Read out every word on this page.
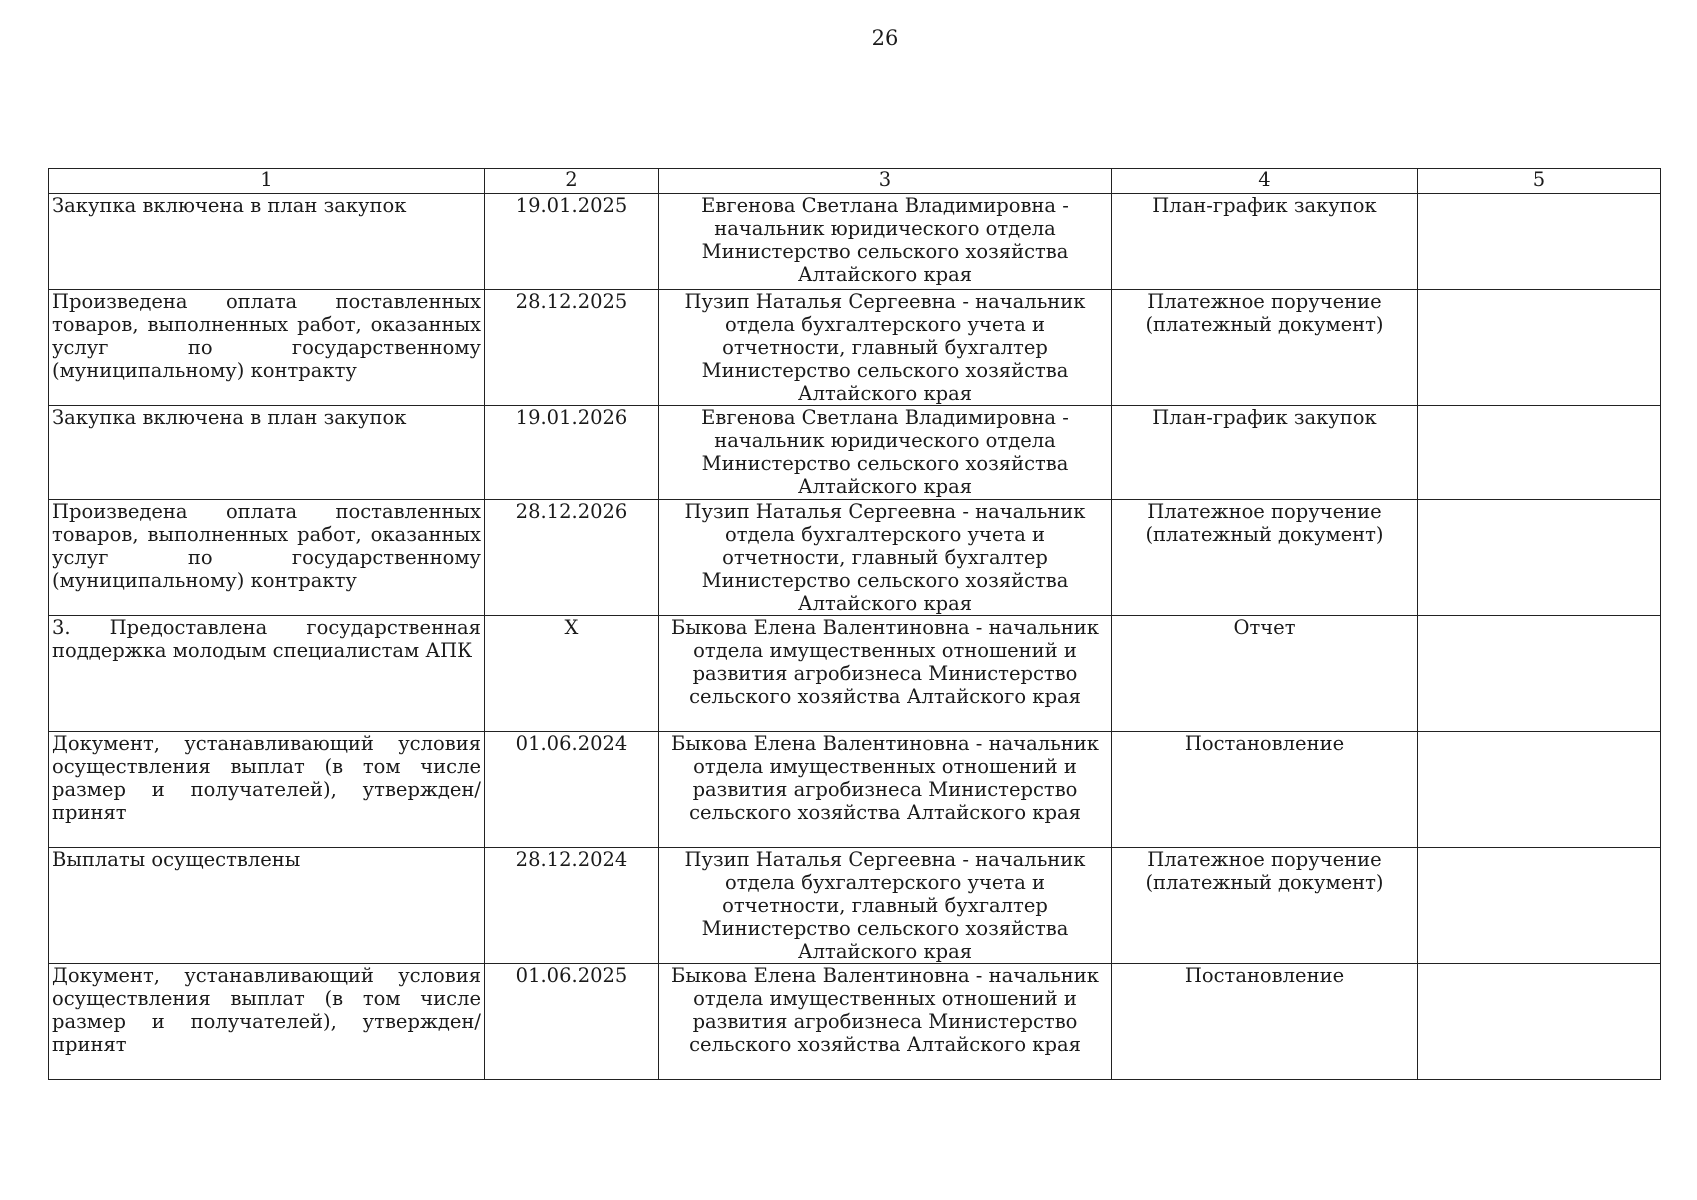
26
1	2	3	4	5
Закупка включена в план закупок	19.01.2025	Евгенова Светлана Владимировна - начальник юридического отдела Министерство сельского хозяйства Алтайского края	План-график закупок	
Произведена оплата поставленных товаров, выполненных работ, оказанных услуг по государственному (муниципальному) контракту	28.12.2025	Пузип Наталья Сергеевна - начальник отдела бухгалтерского учета и отчетности, главный бухгалтер Министерство сельского хозяйства Алтайского края	Платежное поручение (платежный документ)	
Закупка включена в план закупок	19.01.2026	Евгенова Светлана Владимировна - начальник юридического отдела Министерство сельского хозяйства Алтайского края	План-график закупок	
Произведена оплата поставленных товаров, выполненных работ, оказанных услуг по государственному (муниципальному) контракту	28.12.2026	Пузип Наталья Сергеевна - начальник отдела бухгалтерского учета и отчетности, главный бухгалтер Министерство сельского хозяйства Алтайского края	Платежное поручение (платежный документ)	
3. Предоставлена государственная поддержка молодым специалистам АПК	X	Быкова Елена Валентиновна - начальник отдела имущественных отношений и развития агробизнеса Министерство сельского хозяйства Алтайского края	Отчет	
Документ, устанавливающий условия осуществления выплат (в том числе размер и получателей), утвержден/принят	01.06.2024	Быкова Елена Валентиновна - начальник отдела имущественных отношений и развития агробизнеса Министерство сельского хозяйства Алтайского края	Постановление	
Выплаты осуществлены	28.12.2024	Пузип Наталья Сергеевна - начальник отдела бухгалтерского учета и отчетности, главный бухгалтер Министерство сельского хозяйства Алтайского края	Платежное поручение (платежный документ)	
Документ, устанавливающий условия осуществления выплат (в том числе размер и получателей), утвержден/принят	01.06.2025	Быкова Елена Валентиновна - начальник отдела имущественных отношений и развития агробизнеса Министерство сельского хозяйства Алтайского края	Постановление	
